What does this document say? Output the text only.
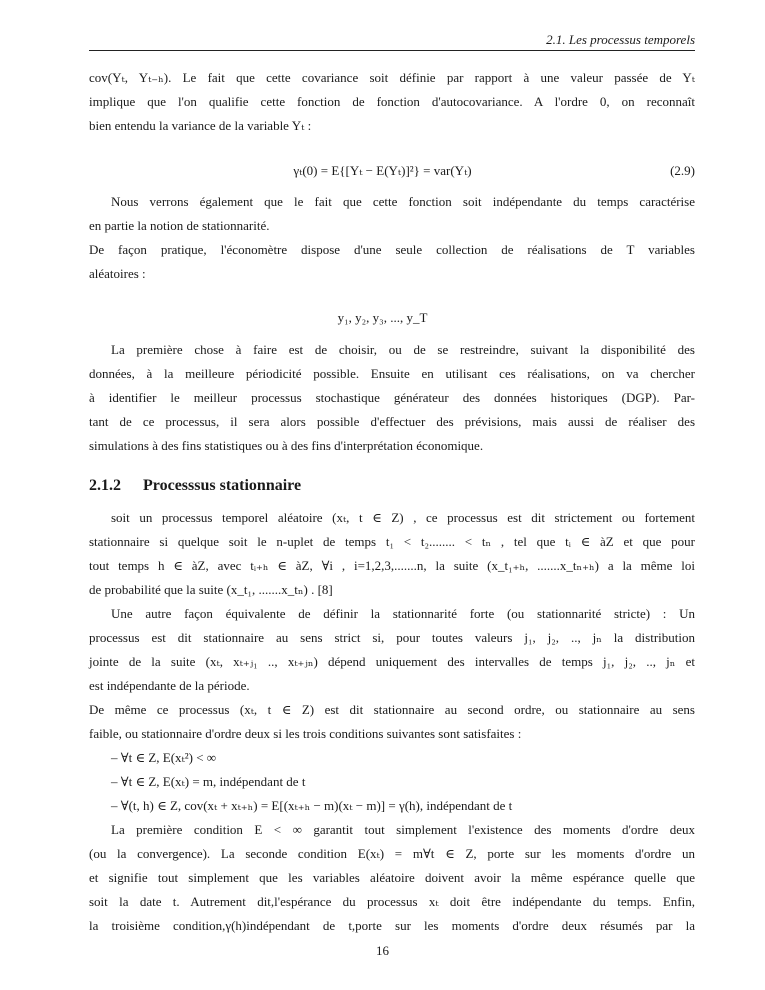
2.1. Les processus temporels
cov(Yₜ, Yₜ₋ₕ). Le fait que cette covariance soit définie par rapport à une valeur passée de Yₜ
implique que l'on qualifie cette fonction de fonction d'autocovariance. A l'ordre 0, on reconnaît
bien entendu la variance de la variable Yₜ :
γₜ(0) = E{[Yₜ − E(Yₜ)]²} = var(Yₜ)	(2.9)
Nous verrons également que le fait que cette fonction soit indépendante du temps caractérise
en partie la notion de stationnarité.
De façon pratique, l'économètre dispose d'une seule collection de réalisations de T variables
aléatoires :
y₁, y₂, y₃, ..., y_T
La première chose à faire est de choisir, ou de se restreindre, suivant la disponibilité des
données, à la meilleure périodicité possible. Ensuite en utilisant ces réalisations, on va chercher
à identifier le meilleur processus stochastique générateur des données historiques (DGP). Par-
tant de ce processus, il sera alors possible d'effectuer des prévisions, mais aussi de réaliser des
simulations à des fins statistiques ou à des fins d'interprétation économique.
2.1.2 Processsus stationnaire
soit un processus temporel aléatoire (xₜ, t ∈ Z) , ce processus est dit strictement ou fortement
stationnaire si quelque soit le n-uplet de temps t₁ < t₂........ < tₙ , tel que tᵢ ∈ àZ et que pour
tout temps h ∈ àZ, avec tᵢ₊ₕ ∈ àZ, ∀i , i=1,2,3,.......n, la suite (x_t₁₊ₕ, .......x_tₙ₊ₕ) a la même loi
de probabilité que la suite (x_t₁, .......x_tₙ) . [8]
Une autre façon équivalente de définir la stationnarité forte (ou stationnarité stricte) : Un
processus est dit stationnaire au sens strict si, pour toutes valeurs j₁, j₂, .., jₙ la distribution
jointe de la suite (xₜ, xₜ₊ⱼ₁ .., xₜ₊ⱼₙ) dépend uniquement des intervalles de temps j₁, j₂, .., jₙ et
est indépendante de la période.
De même ce processus (xₜ, t ∈ Z) est dit stationnaire au second ordre, ou stationnaire au sens
faible, ou stationnaire d'ordre deux si les trois conditions suivantes sont satisfaites :
– ∀t ∈ Z, E(xₜ²) < ∞
– ∀t ∈ Z, E(xₜ) = m, indépendant de t
– ∀(t, h) ∈ Z, cov(xₜ + xₜ₊ₕ) = E[(xₜ₊ₕ − m)(xₜ − m)] = γ(h), indépendant de t
La première condition E < ∞ garantit tout simplement l'existence des moments d'ordre deux
(ou la convergence). La seconde condition E(xₜ) = m∀t ∈ Z, porte sur les moments d'ordre un
et signifie tout simplement que les variables aléatoire doivent avoir la même espérance quelle que
soit la date t. Autrement dit,l'espérance du processus xₜ doit être indépendante du temps. Enfin,
la troisième condition,γ(h)indépendant de t,porte sur les moments d'ordre deux résumés par la
16
